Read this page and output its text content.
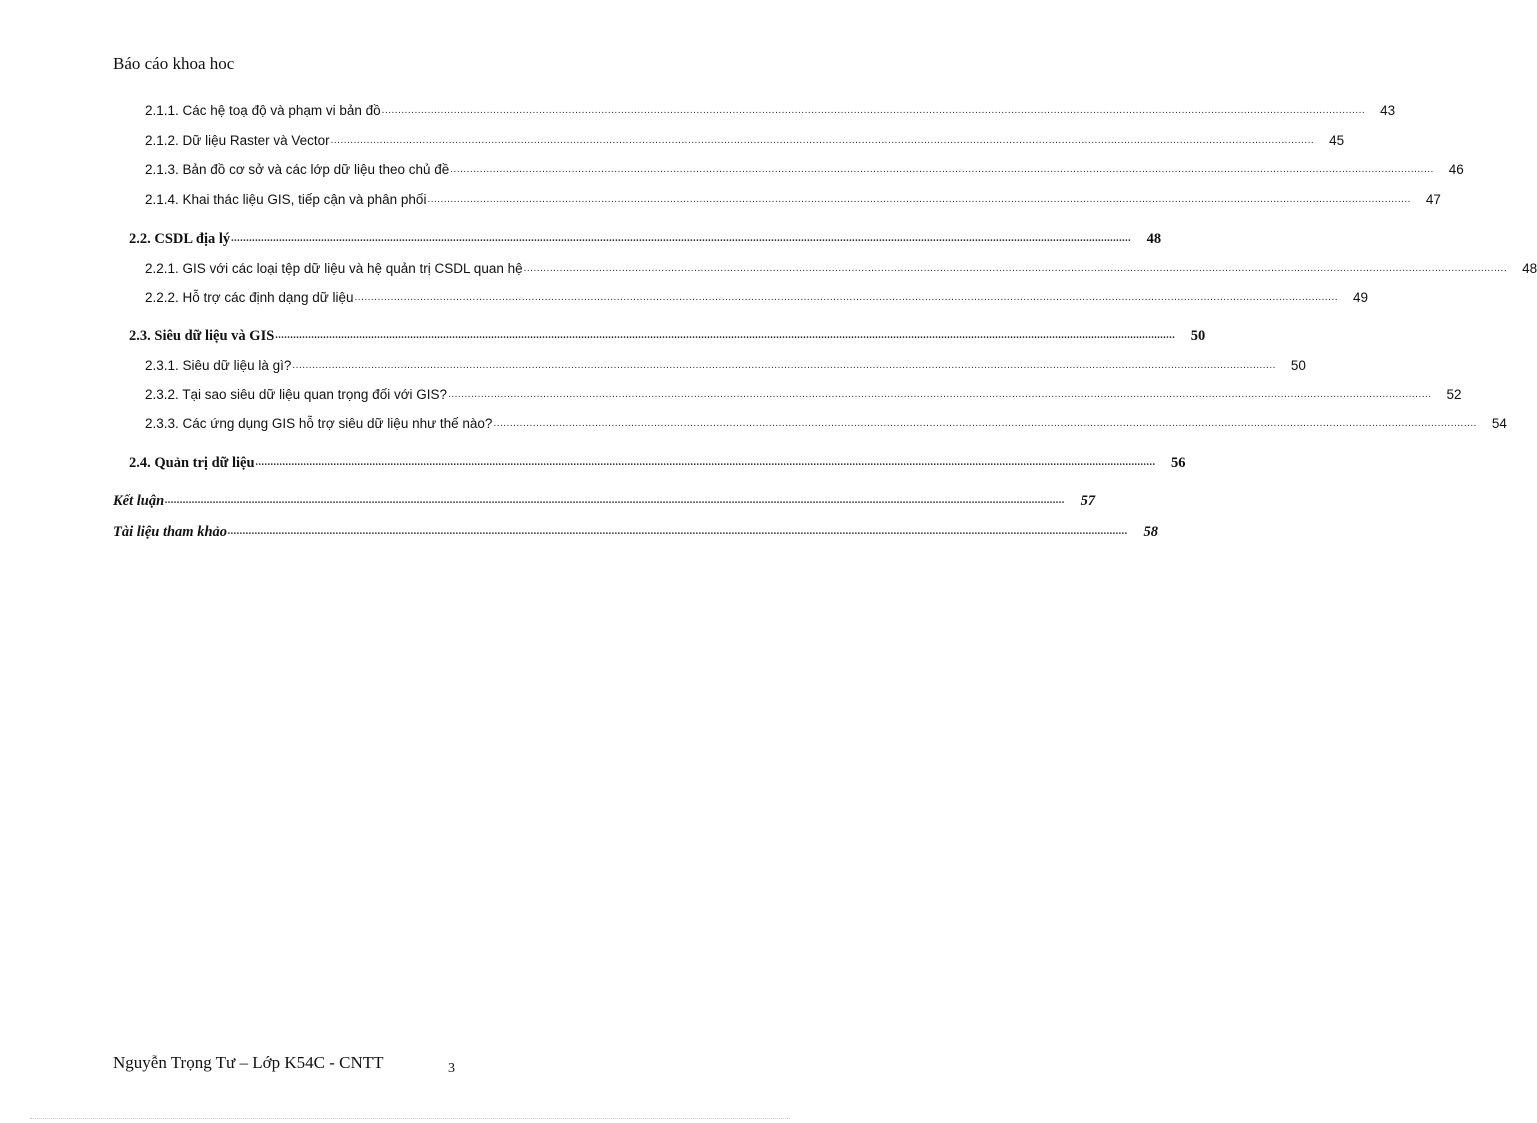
Báo cáo khoa hoc
2.1.1. Các hệ toạ độ và phạm vi bản đồ ............................................................................................................................................................................................................................................................................................................	43
2.1.2. Dữ liệu Raster và Vector ............................................................................................................................................................................................................................................................................................................	45
2.1.3. Bản đồ cơ sở và các lớp dữ liệu theo chủ đề ............................................................................................................................................................................................................................................................................................................	46
2.1.4. Khai thác liệu GIS, tiếp cận và phân phối ............................................................................................................................................................................................................................................................................................................	47
2.2. CSDL địa lý ............................................................................................................................................................................................................................................................................................................	48
2.2.1. GIS với các loại tệp dữ liệu và hệ quản trị CSDL quan hệ ............................................................................................................................................................................................................................................................................................................	48
2.2.2. Hỗ trợ các định dạng dữ liệu ............................................................................................................................................................................................................................................................................................................	49
2.3. Siêu dữ liệu và GIS ............................................................................................................................................................................................................................................................................................................	50
2.3.1. Siêu dữ liệu là gì? ............................................................................................................................................................................................................................................................................................................	50
2.3.2. Tại sao siêu dữ liệu quan trọng đối với GIS? ............................................................................................................................................................................................................................................................................................................	52
2.3.3. Các ứng dụng GIS hỗ trợ siêu dữ liệu như thế nào? ............................................................................................................................................................................................................................................................................................................	54
2.4. Quản trị dữ liệu ............................................................................................................................................................................................................................................................................................................	56
Kết luận ............................................................................................................................................................................................................................................................................................................	57
Tài liệu tham khảo ............................................................................................................................................................................................................................................................................................................	58
Nguyễn Trọng Tư – Lớp K54C - CNTT	3
